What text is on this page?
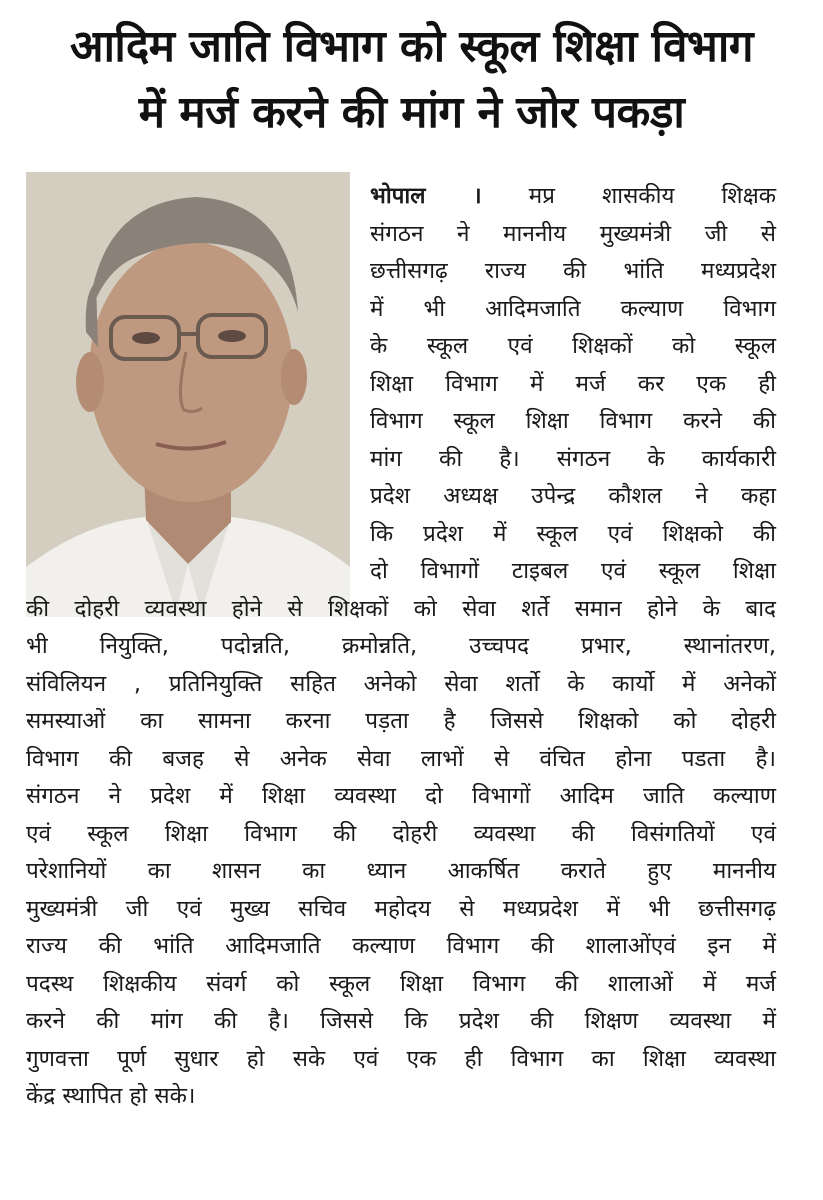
आदिम जाति विभाग को स्कूल शिक्षा विभाग
में मर्ज करने की मांग ने जोर पकड़ा
भोपाल । मप्र शासकीय शिक्षक
संगठन ने माननीय मुख्यमंत्री जी से
छत्तीसगढ़ राज्य की भांति मध्यप्रदेश
में भी आदिमजाति कल्याण विभाग
के स्कूल एवं शिक्षकों को स्कूल
शिक्षा विभाग में मर्ज कर एक ही
विभाग स्कूल शिक्षा विभाग करने की
मांग की है। संगठन के कार्यकारी
प्रदेश अध्यक्ष उपेन्द्र कौशल ने कहा
कि प्रदेश में स्कूल एवं शिक्षको की
दो विभागों टाइबल एवं स्कूल शिक्षा
की दोहरी व्यवस्था होने से शिक्षकों को सेवा शर्ते समान होने के बाद
भी नियुक्ति, पदोन्नति, क्रमोन्नति, उच्चपद प्रभार, स्थानांतरण,
संविलियन , प्रतिनियुक्ति सहित अनेको सेवा शर्तो के कार्यो में अनेकों
समस्याओं का सामना करना पड़ता है जिससे शिक्षको को दोहरी
विभाग की बजह से अनेक सेवा लाभों से वंचित होना पडता है।
संगठन ने प्रदेश में शिक्षा व्यवस्था दो विभागों आदिम जाति कल्याण
एवं स्कूल शिक्षा विभाग की दोहरी व्यवस्था की विसंगतियों एवं
परेशानियों का शासन का ध्यान आकर्षित कराते हुए माननीय
मुख्यमंत्री जी एवं मुख्य सचिव महोदय से मध्यप्रदेश में भी छत्तीसगढ़
राज्य की भांति आदिमजाति कल्याण विभाग की शालाओंएवं इन में
पदस्थ शिक्षकीय संवर्ग को स्कूल शिक्षा विभाग की शालाओं में मर्ज
करने की मांग की है। जिससे कि प्रदेश की शिक्षण व्यवस्था में
गुणवत्ता पूर्ण सुधार हो सके एवं एक ही विभाग का शिक्षा व्यवस्था
केंद्र स्थापित हो सके।
